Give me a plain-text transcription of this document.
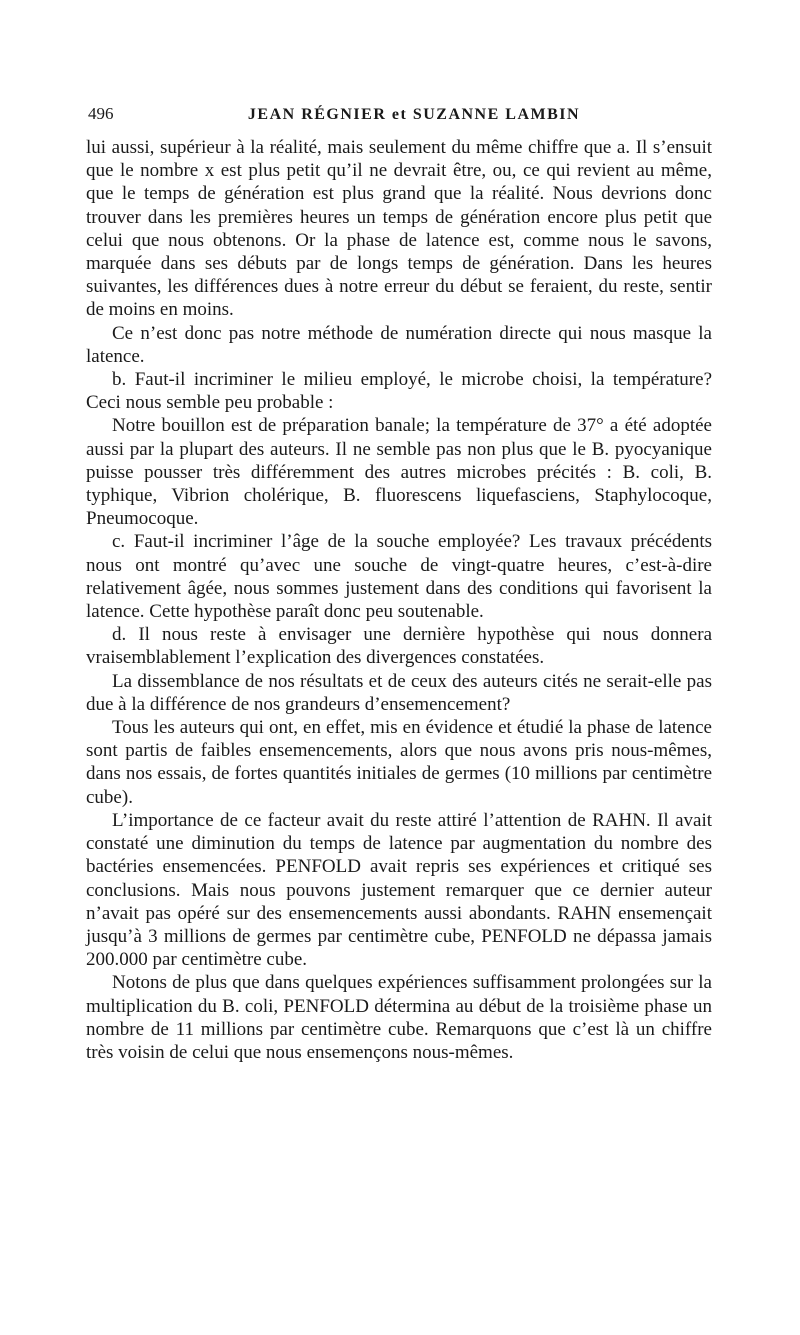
496	JEAN RÉGNIER et SUZANNE LAMBIN

lui aussi, supérieur à la réalité, mais seulement du même chiffre que a. Il s’ensuit que le nombre x est plus petit qu’il ne devrait être, ou, ce qui revient au même, que le temps de génération est plus grand que la réalité. Nous devrions donc trouver dans les premières heures un temps de génération encore plus petit que celui que nous obtenons. Or la phase de latence est, comme nous le savons, marquée dans ses débuts par de longs temps de génération. Dans les heures suivantes, les différences dues à notre erreur du début se feraient, du reste, sentir de moins en moins.

Ce n’est donc pas notre méthode de numération directe qui nous masque la latence.

b. Faut-il incriminer le milieu employé, le microbe choisi, la température? Ceci nous semble peu probable :

Notre bouillon est de préparation banale; la température de 37° a été adoptée aussi par la plupart des auteurs. Il ne semble pas non plus que le B. pyocyanique puisse pousser très différemment des autres microbes précités : B. coli, B. typhique, Vibrion cholérique, B. fluorescens liquefasciens, Staphylocoque, Pneumocoque.

c. Faut-il incriminer l’âge de la souche employée? Les travaux précédents nous ont montré qu’avec une souche de vingt-quatre heures, c’est-à-dire relativement âgée, nous sommes justement dans des conditions qui favorisent la latence. Cette hypothèse paraît donc peu soutenable.

d. Il nous reste à envisager une dernière hypothèse qui nous donnera vraisemblablement l’explication des divergences constatées.

La dissemblance de nos résultats et de ceux des auteurs cités ne serait-elle pas due à la différence de nos grandeurs d’ensemencement?

Tous les auteurs qui ont, en effet, mis en évidence et étudié la phase de latence sont partis de faibles ensemencements, alors que nous avons pris nous-mêmes, dans nos essais, de fortes quantités initiales de germes (10 millions par centimètre cube).

L’importance de ce facteur avait du reste attiré l’attention de RAHN. Il avait constaté une diminution du temps de latence par augmentation du nombre des bactéries ensemencées. PENFOLD avait repris ses expériences et critiqué ses conclusions. Mais nous pouvons justement remarquer que ce dernier auteur n’avait pas opéré sur des ensemencements aussi abondants. RAHN ensemençait jusqu’à 3 millions de germes par centimètre cube, PENFOLD ne dépassa jamais 200.000 par centimètre cube.

Notons de plus que dans quelques expériences suffisamment prolongées sur la multiplication du B. coli, PENFOLD détermina au début de la troisième phase un nombre de 11 millions par centimètre cube. Remarquons que c’est là un chiffre très voisin de celui que nous ensemençons nous-mêmes.
